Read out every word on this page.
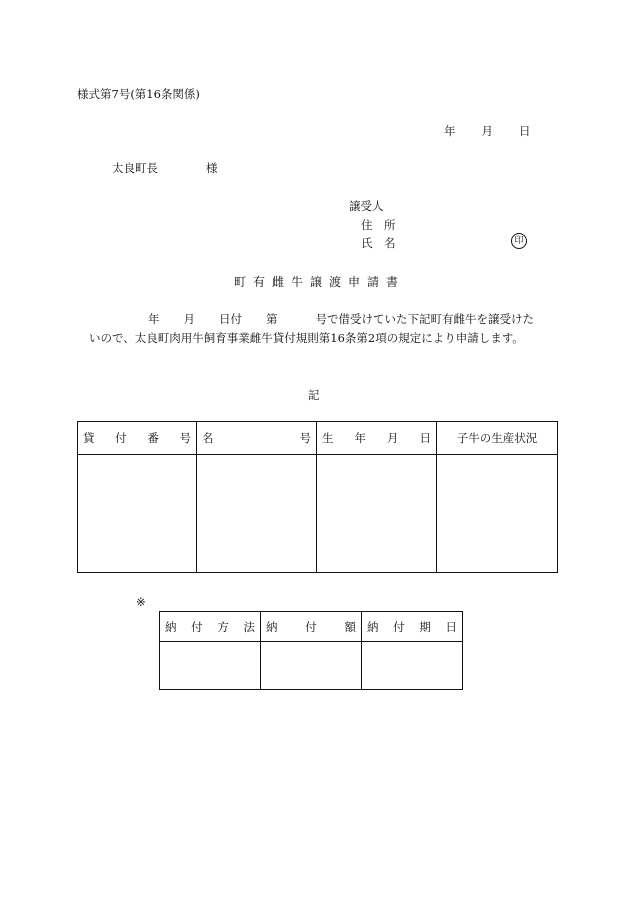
様式第7号(第16条関係)
年 月 日
太良町長	様
譲受人
住　所
氏　名	印
町有雌牛譲渡申請書
年 月 日付 第	号で借受けていた下記町有雌牛を譲受けた
いので、太良町肉用牛飼育事業雌牛貸付規則第16条第2項の規定により申請します。
記
貸 付 番 号	名 号	生 年 月 日	子牛の生産状況

※
納 付 方 法	納 付 額	納 付 期 日
